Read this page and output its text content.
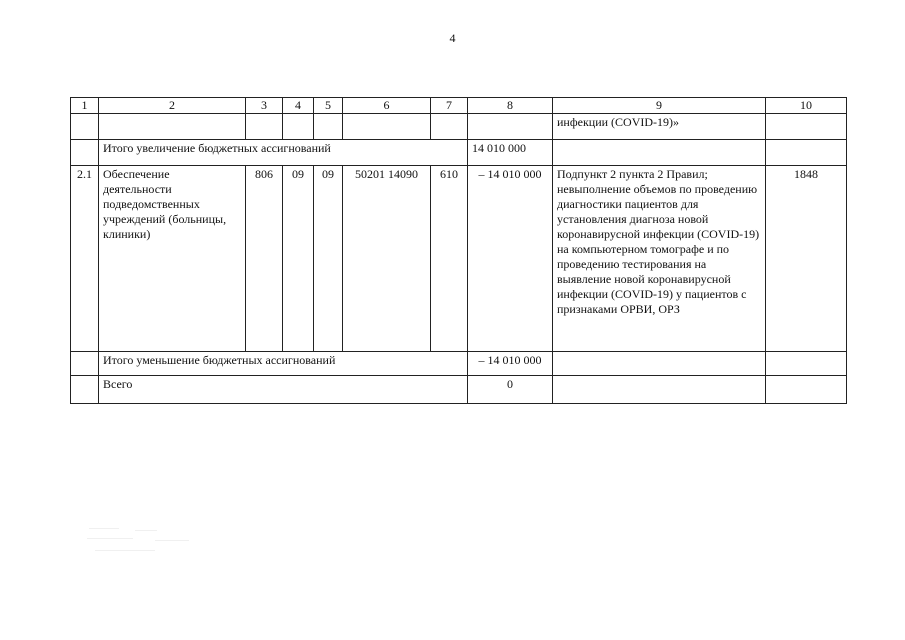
4
1	2	3	4	5	6	7	8	9	10
								инфекции (COVID-19)»	
	Итого увеличение бюджетных ассигнований						14 010 000		
2.1	Обеспечение деятельности подведомственных учреждений (больницы, клиники)	806	09	09	50201 14090	610	– 14 010 000	Подпункт 2 пункта 2 Правил; невыполнение объемов по проведению диагностики пациентов для установления диагноза новой коронавирусной инфекции (COVID-19) на компьютерном томографе и по проведению тестирования на выявление новой коронавирусной инфекции (COVID-19) у пациентов с признаками ОРВИ, ОРЗ	1848
	Итого уменьшение бюджетных ассигнований						– 14 010 000		
	Всего						0		
